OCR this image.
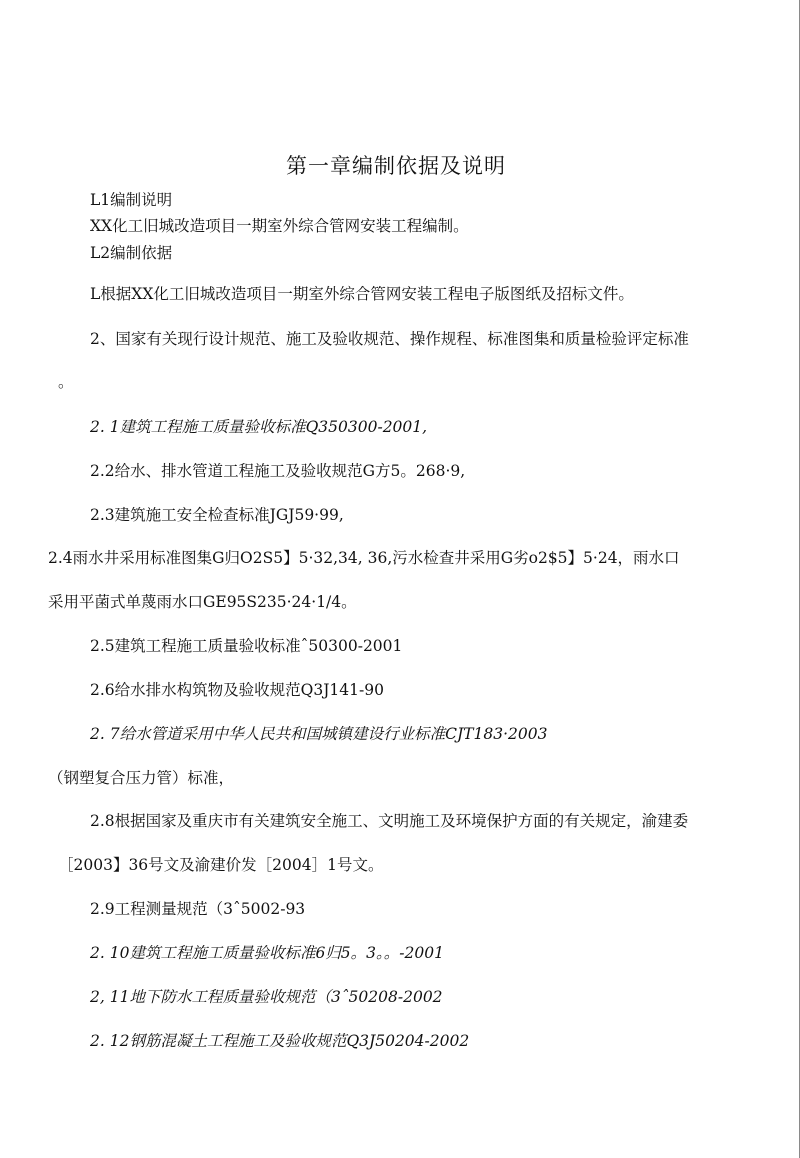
第一章编制依据及说明
L1编制说明
XX化工旧城改造项目一期室外综合管网安装工程编制。
L2编制依据
L根据XX化工旧城改造项目一期室外综合管网安装工程电子版图纸及招标文件。
2、国家有关现行设计规范、施工及验收规范、操作规程、标准图集和质量检验评定标准
。
2. 1建筑工程施工质量验收标准Q350300-2001,
2.2给水、排水管道工程施工及验收规范G方5。268·9,
2.3建筑施工安全检查标准JGJ59·99,
2.4雨水井采用标准图集G归O2S5】5·32,34, 36,污水检查井采用G劣o2$5】5·24，雨水口
采用平菌式单蔑雨水口GE95S235·24·1/4。
2.5建筑工程施工质量验收标准ˆ50300-2001
2.6给水排水构筑物及验收规范Q3J141-90
2. 7给水管道采用中华人民共和国城镇建设行业标准CJT183·2003
（钢塑复合压力管）标准，
2.8根据国家及重庆市有关建筑安全施工、文明施工及环境保护方面的有关规定，渝建委
［2003】36号文及渝建价发［2004］1号文。
2.9工程测量规范（3ˆ5002-93
2. 10建筑工程施工质量验收标准6归5。3。。-2001
2, 11地下防水工程质量验收规范（3ˆ50208-2002
2. 12钢筋混凝土工程施工及验收规范Q3J50204-2002
